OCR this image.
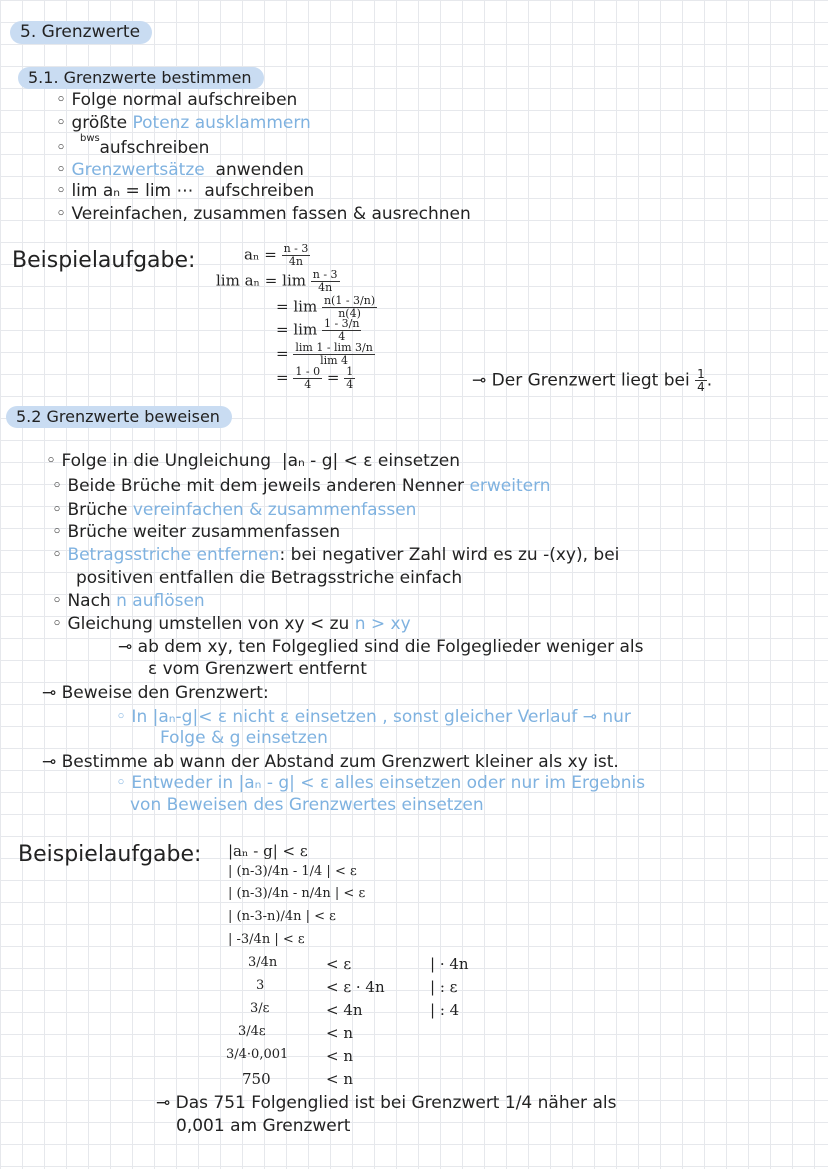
5. Grenzwerte
5.1. Grenzwerte bestimmen
◦ Folge normal aufschreiben
◦ größte Potenz ausklammern
bws
◦ aufschreiben
◦ Grenzwertsätze anwenden
◦ lim aₙ = lim ⋯ aufschreiben
◦ Vereinfachen, zusammen fassen & ausrechnen
Beispielaufgabe:	$a_n = \frac{n - 3}{4n}$
$\lim a_n = \lim \frac{n - 3}{4n}$
= $\lim \frac{n(1 - 3/n)}{n(4)}$
= $\lim \frac{1 - 3/n}{4}$
= $\frac{\lim 1 - \lim 3/n}{\lim 4}$
= $\frac{1 - 0}{4} = \frac{1}{4}$	⊸ Der Grenzwert liegt bei $\frac{1}{4}$ .
5.2 Grenzwerte beweisen
◦ Folge in die Ungleichung |aₙ - g| < ε einsetzen
◦ Beide Brüche mit dem jeweils anderen Nenner erweitern
◦ Brüche vereinfachen & zusammenfassen
◦ Brüche weiter zusammenfassen
◦ Betragsstriche entfernen: bei negativer Zahl wird es zu -(xy), bei
positiven entfallen die Betragsstriche einfach
◦ Nach n auflösen
◦ Gleichung umstellen von xy < zu n > xy
⊸ ab dem xy, ten Folgeglied sind die Folgeglieder weniger als
ε vom Grenzwert entfernt
⊸ Beweise den Grenzwert:
◦ In |aₙ-g|< ε nicht ε einsetzen , sonst gleicher Verlauf ⊸ nur
Folge & g einsetzen
⊸ Bestimme ab wann der Abstand zum Grenzwert kleiner als xy ist.
◦ Entweder in |aₙ - g| < ε alles einsetzen oder nur im Ergebnis
von Beweisen des Grenzwertes einsetzen
Beispielaufgabe: |aₙ - g| < ε
| (n-3)/4n - 1/4 | < ε
| (n-3)/4n - n/4n | < ε
| (n-3-n)/4n | < ε
| -3/4n | < ε
3/4n	< ε	| · 4n
3	< ε · 4n	| : ε
3/ε	< 4n	| : 4
3/4ε	< n
3/4·0,001	< n
750	< n
⊸ Das 751 Folgenglied ist bei Grenzwert 1/4 näher als
0,001 am Grenzwert
